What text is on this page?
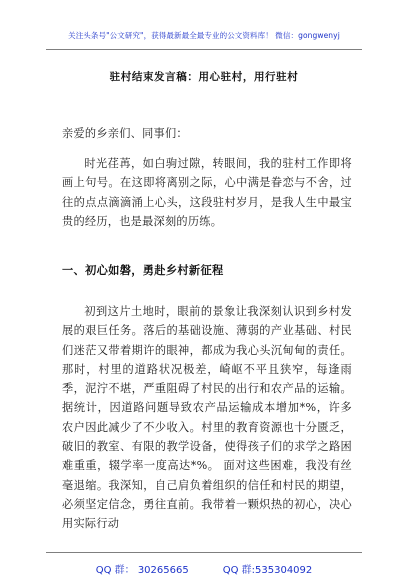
关注头条号"公文研究"，获得最新最全最专业的公文资料库！ 微信：gongwenyj
驻村结束发言稿：用心驻村，用行驻村
亲爱的乡亲们、同事们：
时光荏苒，如白驹过隙，转眼间，我的驻村工作即将画上句号。在这即将离别之际，心中满是眷恋与不舍，过往的点点滴滴涌上心头，这段驻村岁月，是我人生中最宝贵的经历，也是最深刻的历练。
一、初心如磐，勇赴乡村新征程
初到这片土地时，眼前的景象让我深刻认识到乡村发展的艰巨任务。落后的基础设施、薄弱的产业基础、村民们迷茫又带着期许的眼神，都成为我心头沉甸甸的责任。那时，村里的道路状况极差，崎岖不平且狭窄，每逢雨季，泥泞不堪，严重阻碍了村民的出行和农产品的运输。据统计，因道路问题导致农产品运输成本增加*%，许多农户因此减少了不少收入。村里的教育资源也十分匮乏，破旧的教室、有限的教学设备，使得孩子们的求学之路困难重重，辍学率一度高达*%。 面对这些困难，我没有丝毫退缩。我深知，自己肩负着组织的信任和村民的期望，必须坚定信念，勇往直前。我带着一颗炽热的初心，决心用实际行动
QQ 群： 30265665	QQ 群:535304092
